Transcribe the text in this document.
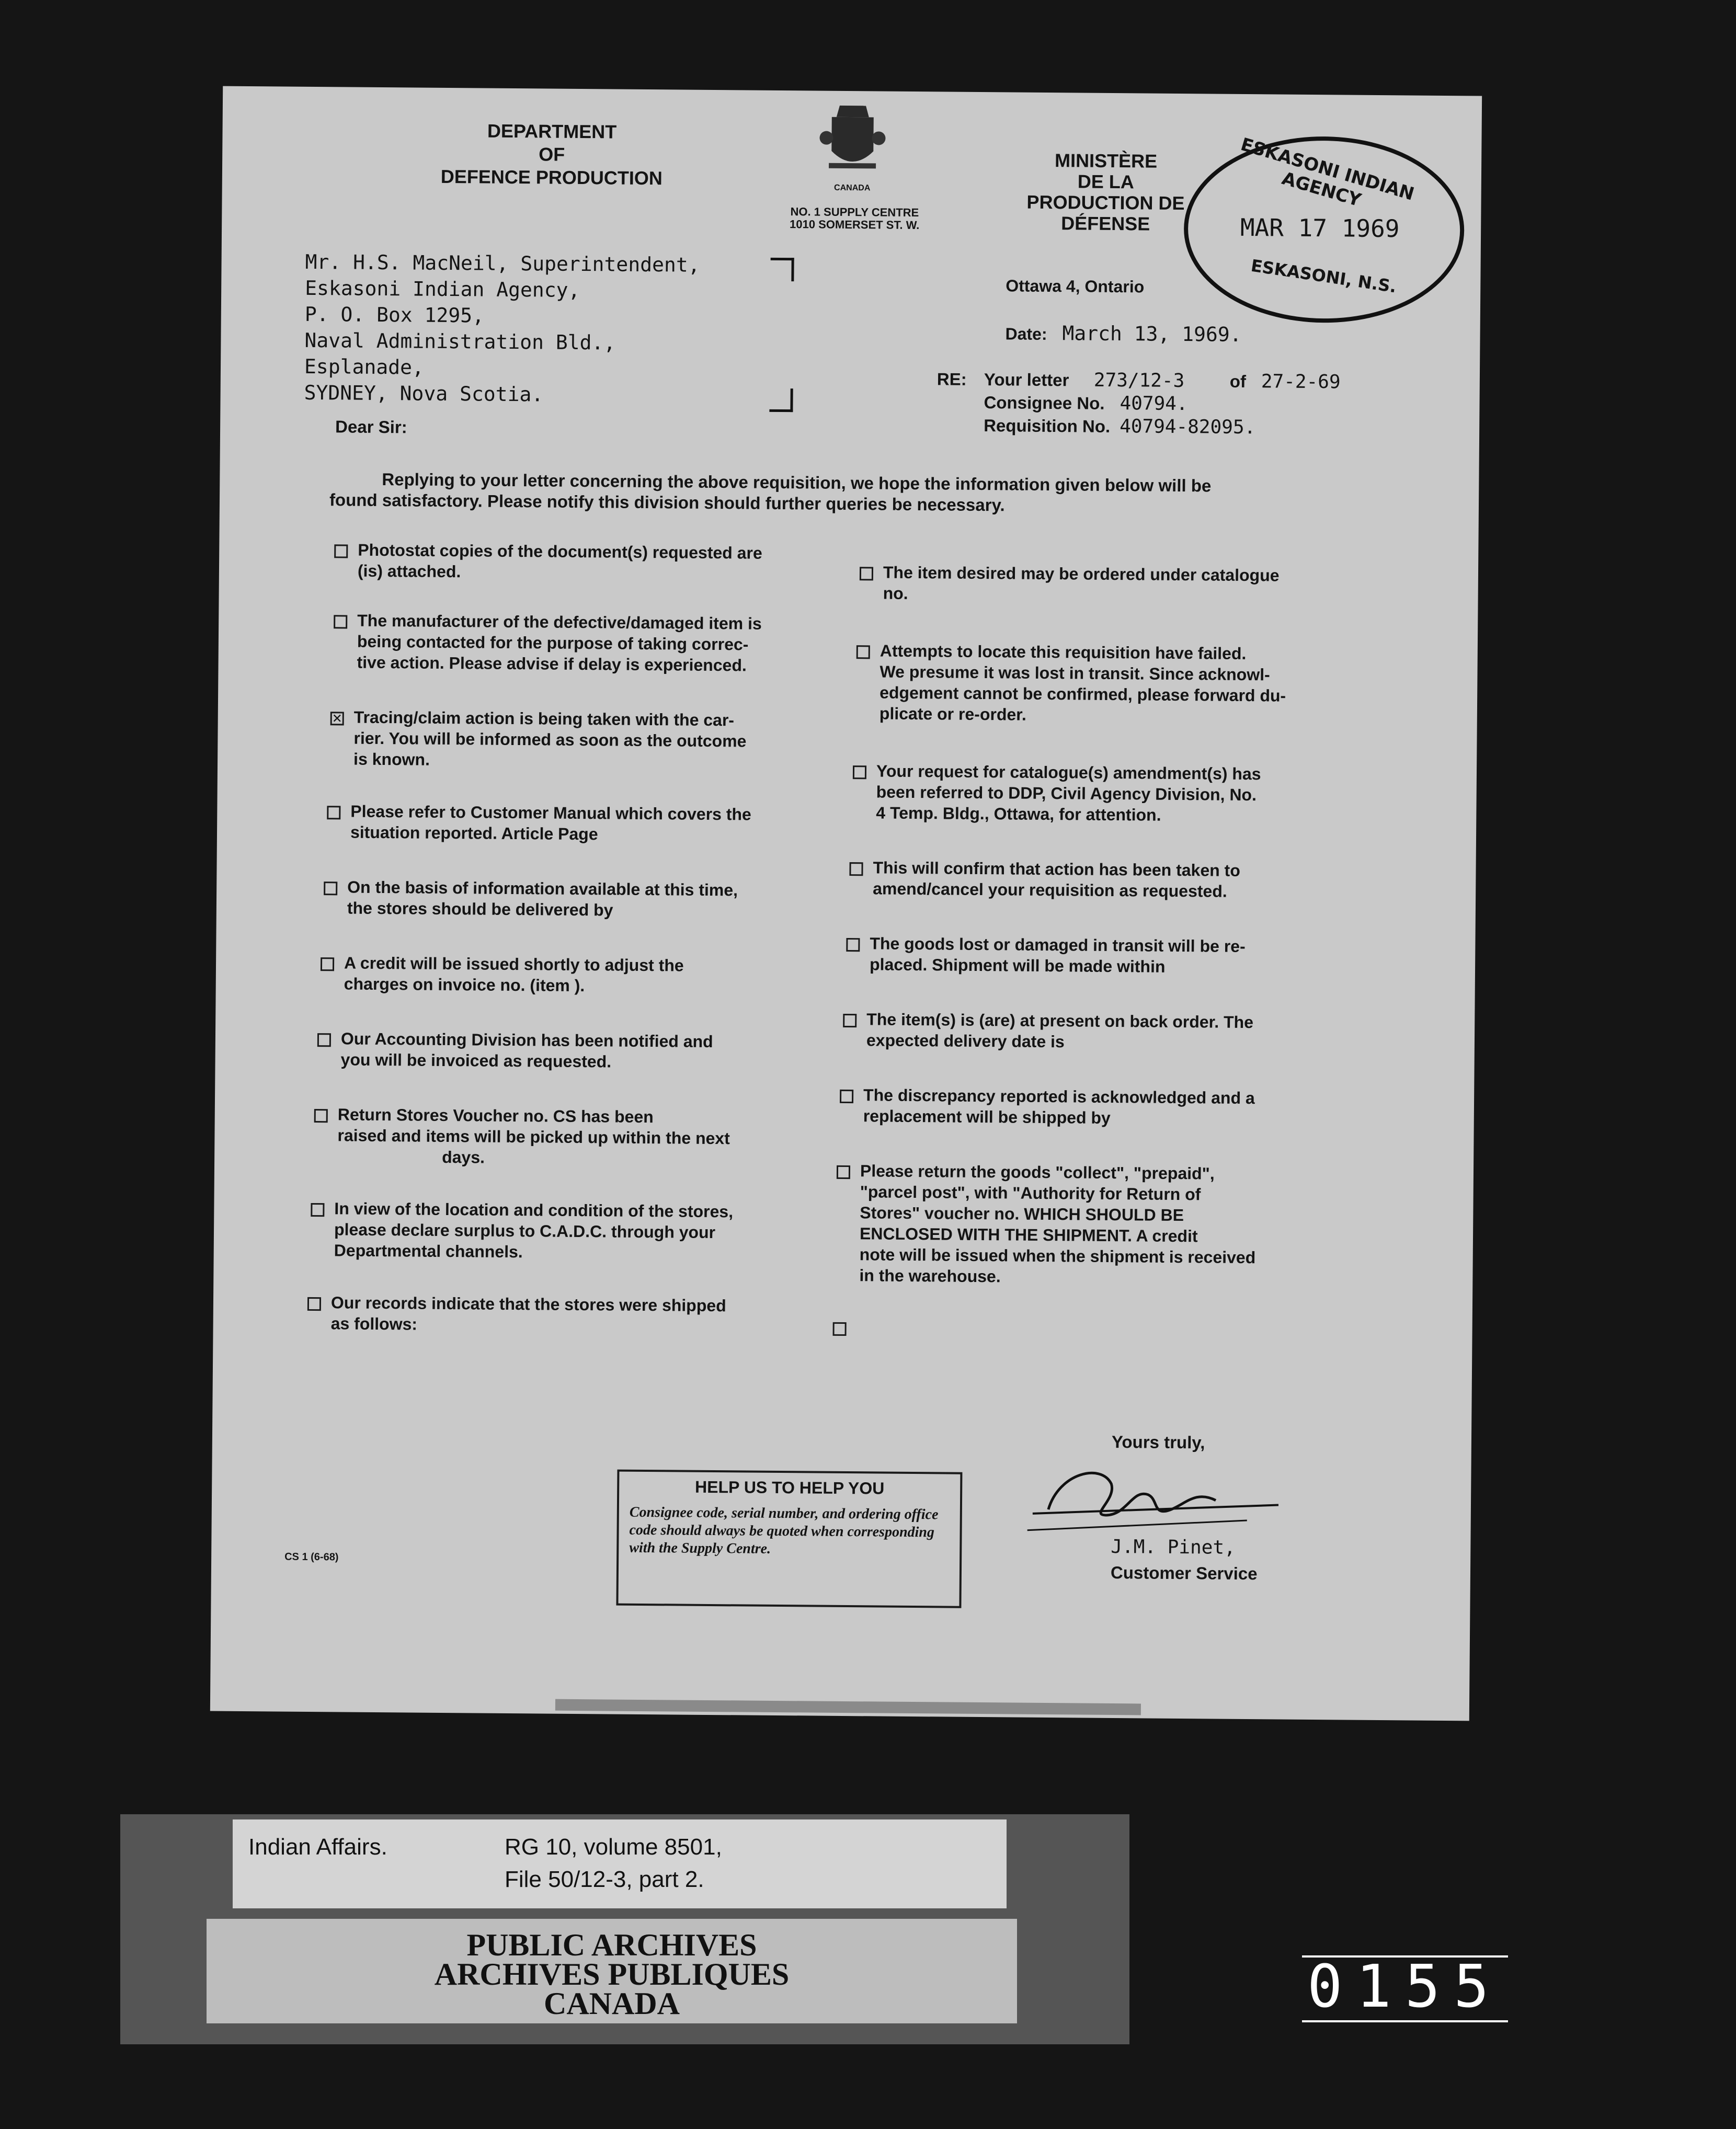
DEPARTMENT
OF
DEFENCE PRODUCTION	CANADA
NO. 1 SUPPLY CENTRE
1010 SOMERSET ST. W.
MINISTÈRE
DE LA
PRODUCTION DE DÉFENSE
ESKASONI INDIAN AGENCY
MAR 17 1969
ESKASONI, N.S.
Mr. H.S. MacNeil, Superintendent,
Eskasoni Indian Agency,
P. O. Box 1295,
Naval Administration Bld.,
Esplanade,
SYDNEY, Nova Scotia.
Ottawa 4, Ontario
Date: March 13, 1969.
RE: Your letter 273/12-3	of 27-2-69
Consignee No. 40794.
Requisition No. 40794-82095.
Dear Sir:
Replying to your letter concerning the above requisition, we hope the information given below will be
found satisfactory. Please notify this division should further queries be necessary.
Photostat copies of the document(s) requested are
(is) attached.
The manufacturer of the defective/damaged item is
being contacted for the purpose of taking correc-
tive action. Please advise if delay is experienced.
✕ Tracing/claim action is being taken with the car-
rier. You will be informed as soon as the outcome
is known.
Please refer to Customer Manual which covers the
situation reported. Article Page
On the basis of information available at this time,
the stores should be delivered by
A credit will be issued shortly to adjust the
charges on invoice no. (item ).
Our Accounting Division has been notified and
you will be invoiced as requested.
Return Stores Voucher no. CS has been
raised and items will be picked up within the next
days.
In view of the location and condition of the stores,
please declare surplus to C.A.D.C. through your
Departmental channels.
Our records indicate that the stores were shipped
as follows:
The item desired may be ordered under catalogue
no.
Attempts to locate this requisition have failed.
We presume it was lost in transit. Since acknowl-
edgement cannot be confirmed, please forward du-
plicate or re-order.
Your request for catalogue(s) amendment(s) has
been referred to DDP, Civil Agency Division, No.
4 Temp. Bldg., Ottawa, for attention.
This will confirm that action has been taken to
amend/cancel your requisition as requested.
The goods lost or damaged in transit will be re-
placed. Shipment will be made within
The item(s) is (are) at present on back order. The
expected delivery date is
The discrepancy reported is acknowledged and a
replacement will be shipped by
Please return the goods "collect", "prepaid",
"parcel post", with "Authority for Return of
Stores" voucher no. WHICH SHOULD BE
ENCLOSED WITH THE SHIPMENT. A credit
note will be issued when the shipment is received
in the warehouse.
Yours truly,
J.M. Pinet,
Customer Service
CS 1 (6-68)
HELP US TO HELP YOU
Consignee code, serial number, and ordering office code should always be quoted when corresponding with the Supply Centre.
Indian Affairs.	RG 10, volume 8501,
File 50/12-3, part 2.
PUBLIC ARCHIVES
ARCHIVES PUBLIQUES
CANADA	0155
